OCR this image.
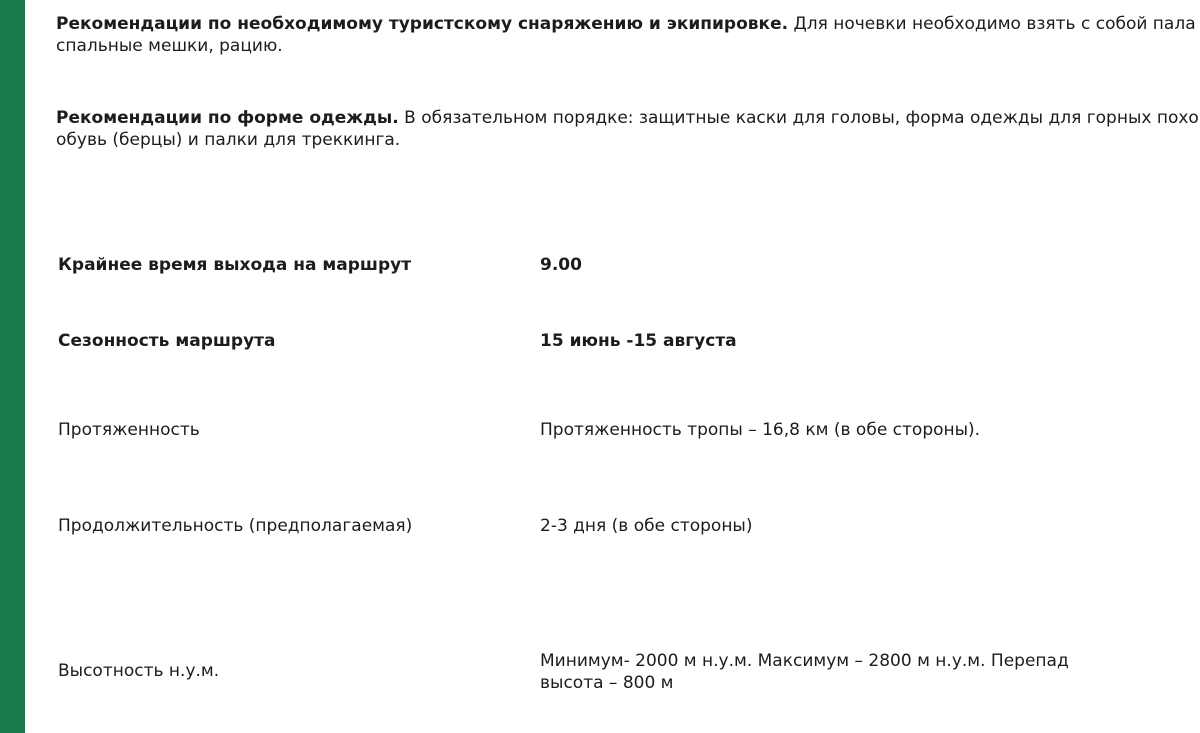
Рекомендации по необходимому туристскому снаряжению и экипировке. Для ночевки необходимо взять с собой пала
спальные мешки, рацию.
Рекомендации по форме одежды. В обязательном порядке: защитные каски для головы, форма одежды для горных похо
обувь (берцы) и палки для треккинга.
Крайнее время выхода на маршрут	9.00
Сезонность маршрута	15 июнь -15 августа
Протяженность	Протяженность тропы – 16,8 км (в обе стороны).
Продолжительность (предполагаемая)	2-3 дня (в обе стороны)
Высотность н.у.м.	Минимум- 2000 м н.у.м. Максимум – 2800 м н.у.м. Перепад
высота – 800 м
